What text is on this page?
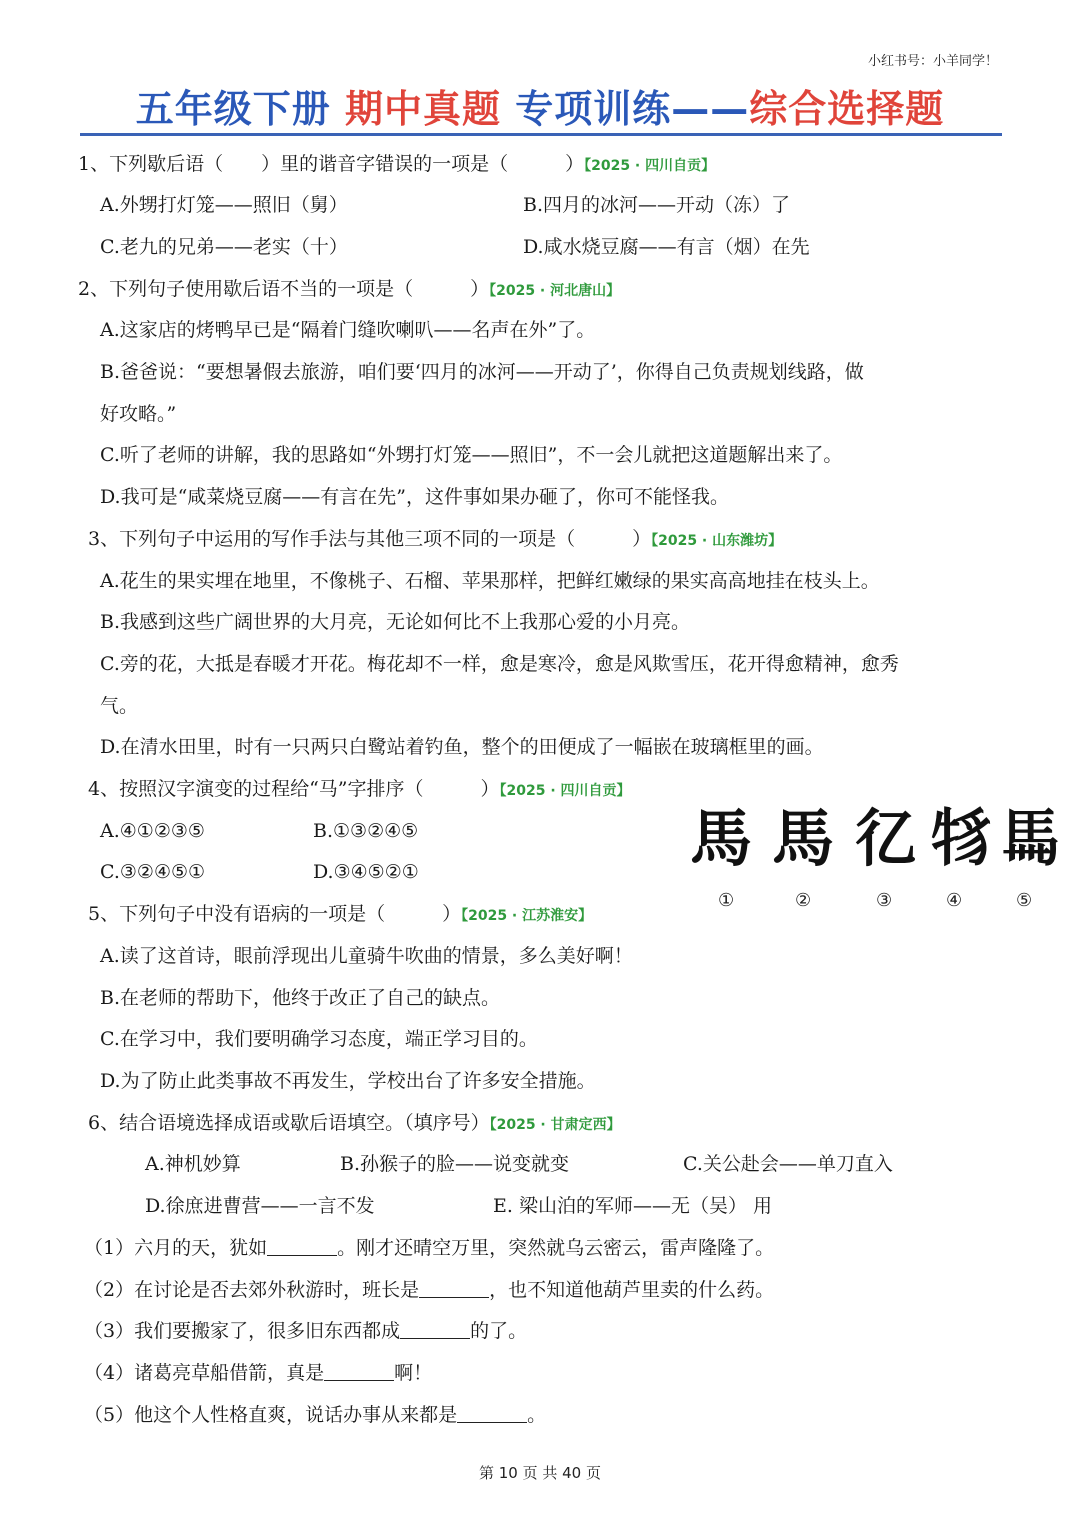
小红书号：小羊同学！
五年级下册 期中真题 专项训练——综合选择题
1、下列歇后语（　　）里的谐音字错误的一项是（　　　）【2025 · 四川自贡】
A.外甥打灯笼——照旧（舅）	B.四月的冰河——开动（冻）了
C.老九的兄弟——老实（十）	D.咸水烧豆腐——有言（烟）在先
2、下列句子使用歇后语不当的一项是（　　　）【2025 · 河北唐山】
A.这家店的烤鸭早已是“隔着门缝吹喇叭——名声在外”了。
B.爸爸说：“要想暑假去旅游，咱们要‘四月的冰河——开动了’，你得自己负责规划线路，做
好攻略。”
C.听了老师的讲解，我的思路如“外甥打灯笼——照旧”，不一会儿就把这道题解出来了。
D.我可是“咸菜烧豆腐——有言在先”，这件事如果办砸了，你可不能怪我。
3、下列句子中运用的写作手法与其他三项不同的一项是（　　　）【2025 · 山东潍坊】
A.花生的果实埋在地里，不像桃子、石榴、苹果那样，把鲜红嫩绿的果实高高地挂在枝头上。
B.我感到这些广阔世界的大月亮，无论如何比不上我那心爱的小月亮。
C.旁的花，大抵是春暖才开花。梅花却不一样，愈是寒冷，愈是风欺雪压，花开得愈精神，愈秀
气。
D.在清水田里，时有一只两只白鹭站着钓鱼，整个的田便成了一幅嵌在玻璃框里的画。
4、按照汉字演变的过程给“马”字排序（　　　）【2025 · 四川自贡】
A.④①②③⑤	B.①③②④⑤
C.③②④⑤①	D.③④⑤②①	馬 馬 𢒼 𤙪 𩡧
①	②	③	④	⑤
5、下列句子中没有语病的一项是（　　　）【2025 · 江苏淮安】
A.读了这首诗，眼前浮现出儿童骑牛吹曲的情景，多么美好啊！
B.在老师的帮助下，他终于改正了自己的缺点。
C.在学习中，我们要明确学习态度，端正学习目的。
D.为了防止此类事故不再发生，学校出台了许多安全措施。
6、结合语境选择成语或歇后语填空。（填序号）【2025 · 甘肃定西】
A.神机妙算	B.孙猴子的脸——说变就变	C.关公赴会——单刀直入
D.徐庶进曹营——一言不发	E. 梁山泊的军师——无（吴） 用
（1）六月的天，犹如	。刚才还晴空万里，突然就乌云密云，雷声隆隆了。
（2）在讨论是否去郊外秋游时，班长是	，也不知道他葫芦里卖的什么药。
（3）我们要搬家了，很多旧东西都成	的了。
（4）诸葛亮草船借箭，真是	啊！
（5）他这个人性格直爽，说话办事从来都是	。
第 10 页 共 40 页
